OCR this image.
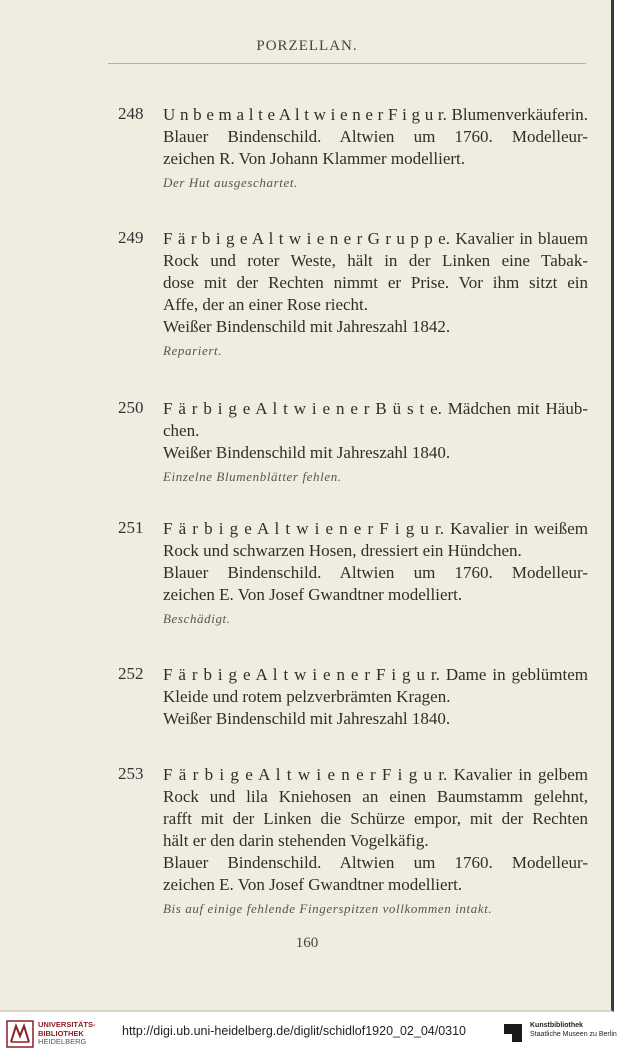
PORZELLAN.
248	U n b e m a l t e A l t w i e n e r F i g u r. Blumenverkäuferin.
Blauer Bindenschild. Altwien um 1760. Modelleur-
zeichen R. Von Johann Klammer modelliert.
Der Hut ausgeschartet.
249	F ä r b i g e A l t w i e n e r G r u p p e. Kavalier in blauem
Rock und roter Weste, hält in der Linken eine Tabak-
dose mit der Rechten nimmt er Prise. Vor ihm sitzt ein
Affe, der an einer Rose riecht.
Weißer Bindenschild mit Jahreszahl 1842.
Repariert.
250	F ä r b i g e A l t w i e n e r B ü s t e. Mädchen mit Häub-
chen.
Weißer Bindenschild mit Jahreszahl 1840.
Einzelne Blumenblätter fehlen.
251	F ä r b i g e A l t w i e n e r F i g u r. Kavalier in weißem
Rock und schwarzen Hosen, dressiert ein Hündchen.
Blauer Bindenschild. Altwien um 1760. Modelleur-
zeichen E. Von Josef Gwandtner modelliert.
Beschädigt.
252	F ä r b i g e A l t w i e n e r F i g u r. Dame in geblümtem
Kleide und rotem pelzverbrämten Kragen.
Weißer Bindenschild mit Jahreszahl 1840.
253	F ä r b i g e A l t w i e n e r F i g u r. Kavalier in gelbem
Rock und lila Kniehosen an einen Baumstamm gelehnt,
rafft mit der Linken die Schürze empor, mit der Rechten
hält er den darin stehenden Vogelkäfig.
Blauer Bindenschild. Altwien um 1760. Modelleur-
zeichen E. Von Josef Gwandtner modelliert.
Bis auf einige fehlende Fingerspitzen vollkommen intakt.
160
UNIVERSITÄTS-
BIBLIOTHEK
HEIDELBERG
http://digi.ub.uni-heidelberg.de/diglit/schidlof1920_02_04/0310	Kunstbibliothek
Staatliche Museen zu Berlin
